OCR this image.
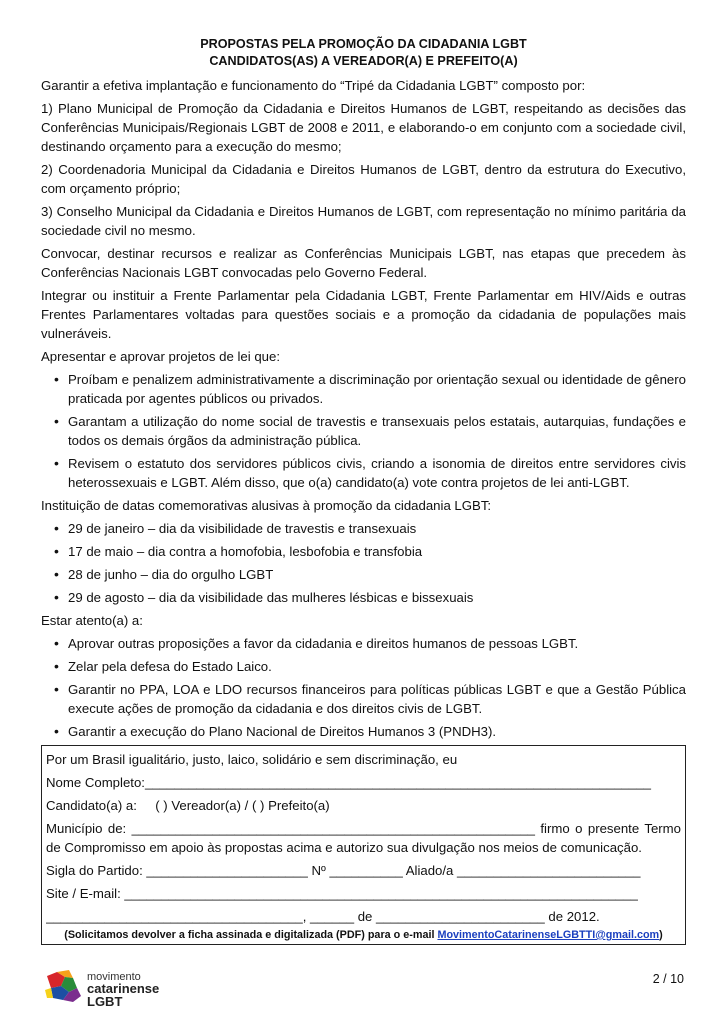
PROPOSTAS PELA PROMOÇÃO DA CIDADANIA LGBT
CANDIDATOS(AS) A VEREADOR(A) E PREFEITO(A)

Garantir a efetiva implantação e funcionamento do “Tripé da Cidadania LGBT” composto por:

1) Plano Municipal de Promoção da Cidadania e Direitos Humanos de LGBT, respeitando as decisões das Conferências Municipais/Regionais LGBT de 2008 e 2011, e elaborando-o em conjunto com a sociedade civil, destinando orçamento para a execução do mesmo;

2) Coordenadoria Municipal da Cidadania e Direitos Humanos de LGBT, dentro da estrutura do Executivo, com orçamento próprio;

3) Conselho Municipal da Cidadania e Direitos Humanos de LGBT, com representação no mínimo paritária da sociedade civil no mesmo.

Convocar, destinar recursos e realizar as Conferências Municipais LGBT, nas etapas que precedem às Conferências Nacionais LGBT convocadas pelo Governo Federal.

Integrar ou instituir a Frente Parlamentar pela Cidadania LGBT, Frente Parlamentar em HIV/Aids e outras Frentes Parlamentares voltadas para questões sociais e a promoção da cidadania de populações mais vulneráveis.

Apresentar e aprovar projetos de lei que:

• Proíbam e penalizem administrativamente a discriminação por orientação sexual ou identidade de gênero praticada por agentes públicos ou privados.
• Garantam a utilização do nome social de travestis e transexuais pelos estatais, autarquias, fundações e todos os demais órgãos da administração pública.
• Revisem o estatuto dos servidores públicos civis, criando a isonomia de direitos entre servidores civis heterossexuais e LGBT. Além disso, que o(a) candidato(a) vote contra projetos de lei anti-LGBT.

Instituição de datas comemorativas alusivas à promoção da cidadania LGBT:

• 29 de janeiro – dia da visibilidade de travestis e transexuais
• 17 de maio – dia contra a homofobia, lesbofobia e transfobia
• 28 de junho – dia do orgulho LGBT
• 29 de agosto – dia da visibilidade das mulheres lésbicas e bissexuais

Estar atento(a) a:

• Aprovar outras proposições a favor da cidadania e direitos humanos de pessoas LGBT.
• Zelar pela defesa do Estado Laico.
• Garantir no PPA, LOA e LDO recursos financeiros para políticas públicas LGBT e que a Gestão Pública execute ações de promoção da cidadania e dos direitos civis de LGBT.
• Garantir a execução do Plano Nacional de Direitos Humanos 3 (PNDH3).
Por um Brasil igualitário, justo, laico, solidário e sem discriminação, eu
Nome Completo:_____________________________________________________________________
Candidato(a) a: ( ) Vereador(a) / ( ) Prefeito(a)
Município de: _______________________________________________________ firmo o presente Termo de Compromisso em apoio às propostas acima e autorizo sua divulgação nos meios de comunicação.
Sigla do Partido: ______________________ Nº __________ Aliado/a _________________________
Site / E-mail: ______________________________________________________________________
___________________________________, ______ de _______________________ de 2012.
(Solicitamos devolver a ficha assinada e digitalizada (PDF) para o e-mail MovimentoCatarinenseLGBTTI@gmail.com)
movimento
catarinense
LGBT
2 / 10
